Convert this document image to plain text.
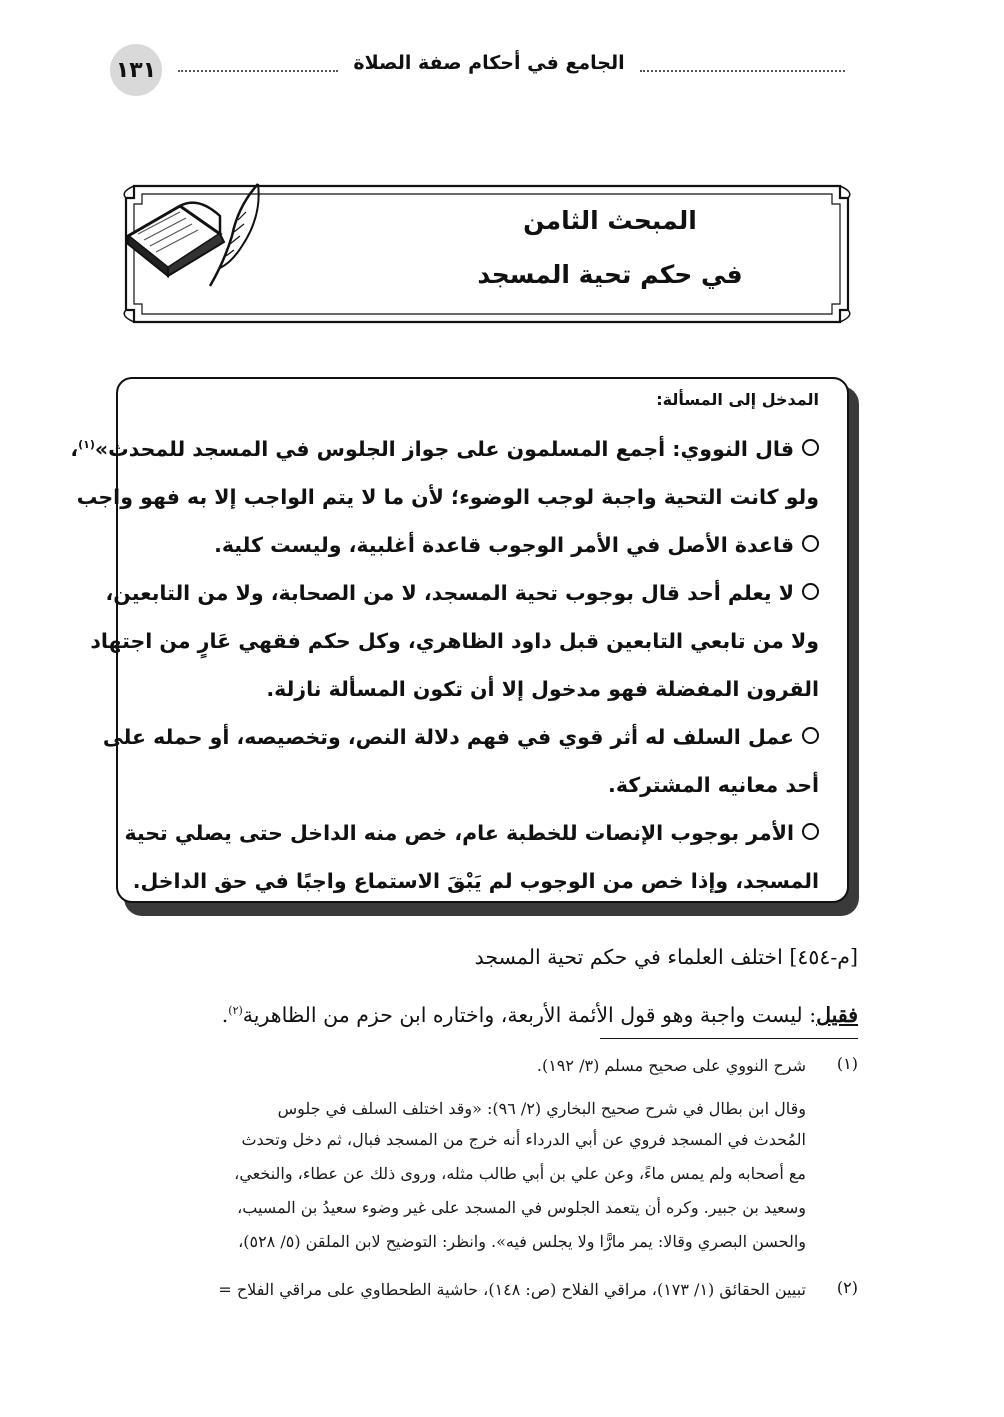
١٣١	الجامع في أحكام صفة الصلاة
المبحث الثامن
في حكم تحية المسجد
المدخل إلى المسألة:
قال النووي: أجمع المسلمون على جواز الجلوس في المسجد للمحدث»$^{(١)}$،
ولو كانت التحية واجبة لوجب الوضوء؛ لأن ما لا يتم الواجب إلا به فهو واجب
قاعدة الأصل في الأمر الوجوب قاعدة أغلبية، وليست كلية.
لا يعلم أحد قال بوجوب تحية المسجد، لا من الصحابة، ولا من التابعين،
ولا من تابعي التابعين قبل داود الظاهري، وكل حكم فقهي عَارٍ من اجتهاد
القرون المفضلة فهو مدخول إلا أن تكون المسألة نازلة.
عمل السلف له أثر قوي في فهم دلالة النص، وتخصيصه، أو حمله على
أحد معانيه المشتركة.
الأمر بوجوب الإنصات للخطبة عام، خص منه الداخل حتى يصلي تحية
المسجد، وإذا خص من الوجوب لم يَبْقَ الاستماع واجبًا في حق الداخل.
[م-٤٥٤] اختلف العلماء في حكم تحية المسجد
فقيل: ليست واجبة وهو قول الأئمة الأربعة، واختاره ابن حزم من الظاهرية$^{(٢)}$.
(١)
شرح النووي على صحيح مسلم (٣/ ١٩٢).
وقال ابن بطال في شرح صحيح البخاري (٢/ ٩٦): «وقد اختلف السلف في جلوس
المُحدث في المسجد فروي عن أبي الدرداء أنه خرج من المسجد فبال، ثم دخل وتحدث
مع أصحابه ولم يمس ماءً، وعن علي بن أبي طالب مثله، وروى ذلك عن عطاء، والنخعي،
وسعيد بن جبير. وكره أن يتعمد الجلوس في المسجد على غير وضوء سعيدُ بن المسيب،
والحسن البصري وقالا: يمر مارًّا ولا يجلس فيه». وانظر: التوضيح لابن الملقن (٥/ ٥٢٨)،
(٢)
تبيين الحقائق (١/ ١٧٣)، مراقي الفلاح (ص: ١٤٨)، حاشية الطحطاوي على مراقي الفلاح =
